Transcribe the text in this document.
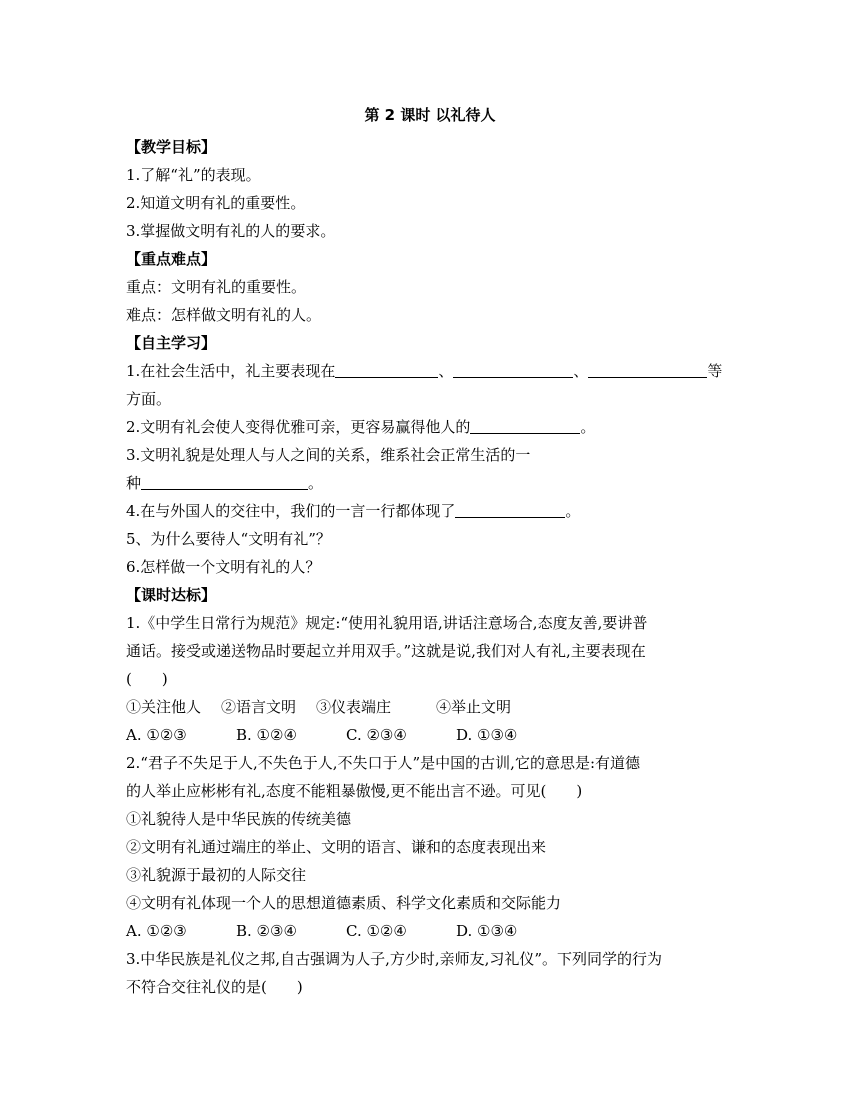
第 2 课时 以礼待人
【教学目标】
1.了解“礼”的表现。
2.知道文明有礼的重要性。
3.掌握做文明有礼的人的要求。
【重点难点】
重点：文明有礼的重要性。
难点：怎样做文明有礼的人。
【自主学习】
1.在社会生活中，礼主要表现在	、	、	等
方面。
2.文明有礼会使人变得优雅可亲，更容易赢得他人的	。
3.文明礼貌是处理人与人之间的关系，维系社会正常生活的一
种	。
4.在与外国人的交往中，我们的一言一行都体现了	。
5、为什么要待人“文明有礼”？
6.怎样做一个文明有礼的人？
【课时达标】
1.《中学生日常行为规范》规定:“使用礼貌用语,讲话注意场合,态度友善,要讲普
通话。接受或递送物品时要起立并用双手。”这就是说,我们对人有礼,主要表现在
(　　)
①关注他人 ②语言文明 ③仪表端庄	④举止文明
A. ①②③	B. ①②④	C. ②③④	D. ①③④
2.“君子不失足于人,不失色于人,不失口于人”是中国的古训,它的意思是:有道德
的人举止应彬彬有礼,态度不能粗暴傲慢,更不能出言不逊。可见(　　)
①礼貌待人是中华民族的传统美德
②文明有礼通过端庄的举止、文明的语言、谦和的态度表现出来
③礼貌源于最初的人际交往
④文明有礼体现一个人的思想道德素质、科学文化素质和交际能力
A. ①②③	B. ②③④	C. ①②④	D. ①③④
3.中华民族是礼仪之邦,自古强调为人子,方少时,亲师友,习礼仪”。下列同学的行为
不符合交往礼仪的是(　　)
